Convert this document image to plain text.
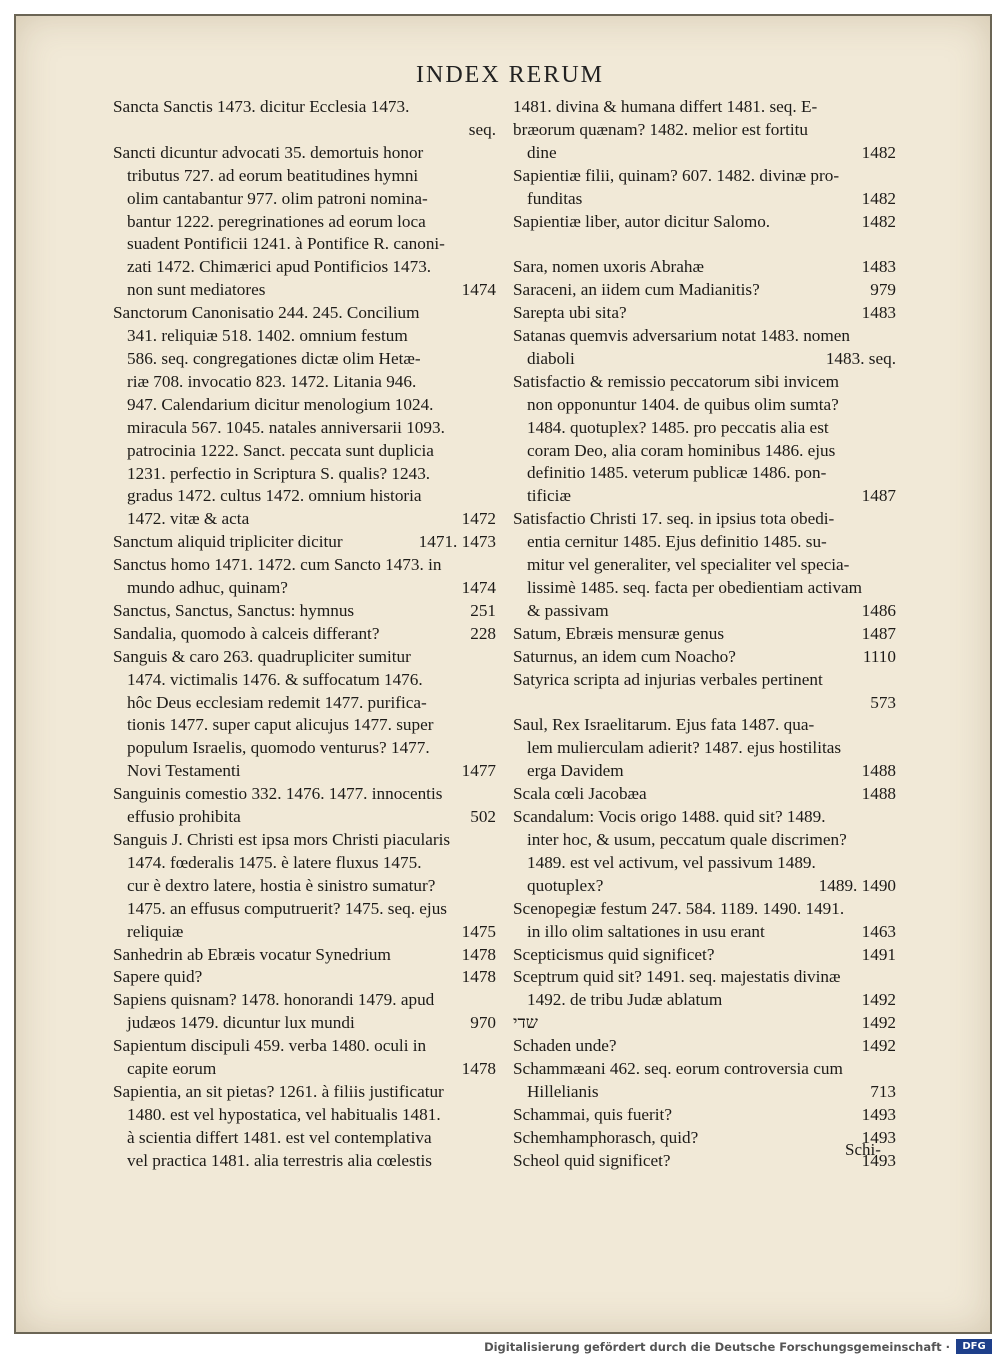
INDEX RERUM
Sancta Sanctis 1473. dicitur Ecclesia 1473.
seq.
Sancti dicuntur advocati 35. demortuis honor
tributus 727. ad eorum beatitudines hymni
olim cantabantur 977. olim patroni nomina-
bantur 1222. peregrinationes ad eorum loca
suadent Pontificii 1241. à Pontifice R. canoni-
zati 1472. Chimærici apud Pontificios 1473.
non sunt mediatores	1474
Sanctorum Canonisatio 244. 245. Concilium
341. reliquiæ 518. 1402. omnium festum
586. seq. congregationes dictæ olim Hetæ-
riæ 708. invocatio 823. 1472. Litania 946.
947. Calendarium dicitur menologium 1024.
miracula 567. 1045. natales anniversarii 1093.
patrocinia 1222. Sanct. peccata sunt duplicia
1231. perfectio in Scriptura S. qualis? 1243.
gradus 1472. cultus 1472. omnium historia
1472. vitæ & acta	1472
Sanctum aliquid tripliciter dicitur	1471. 1473
Sanctus homo 1471. 1472. cum Sancto 1473. in
mundo adhuc, quinam?	1474
Sanctus, Sanctus, Sanctus: hymnus	251
Sandalia, quomodo à calceis differant?	228
Sanguis & caro 263. quadrupliciter sumitur
1474. victimalis 1476. & suffocatum 1476.
hôc Deus ecclesiam redemit 1477. purifica-
tionis 1477. super caput alicujus 1477. super
populum Israelis, quomodo venturus? 1477.
Novi Testamenti	1477
Sanguinis comestio 332. 1476. 1477. innocentis
effusio prohibita	502
Sanguis J. Christi est ipsa mors Christi piacularis
1474. fœderalis 1475. è latere fluxus 1475.
cur è dextro latere, hostia è sinistro sumatur?
1475. an effusus computruerit? 1475. seq. ejus
reliquiæ	1475
Sanhedrin ab Ebræis vocatur Synedrium	1478
Sapere quid?	1478
Sapiens quisnam? 1478. honorandi 1479. apud
judæos 1479. dicuntur lux mundi	970
Sapientum discipuli 459. verba 1480. oculi in
capite eorum	1478
Sapientia, an sit pietas? 1261. à filiis justificatur
1480. est vel hypostatica, vel habitualis 1481.
à scientia differt 1481. est vel contemplativa
vel practica 1481. alia terrestris alia cœlestis
1481. divina & humana differt 1481. seq. E-
bræorum quænam? 1482. melior est fortitu
dine	1482
Sapientiæ filii, quinam? 607. 1482. divinæ pro-
funditas	1482
Sapientiæ liber, autor dicitur Salomo.	1482
Sara, nomen uxoris Abrahæ	1483
Saraceni, an iidem cum Madianitis?	979
Sarepta ubi sita?	1483
Satanas quemvis adversarium notat 1483. nomen
diaboli	1483. seq.
Satisfactio & remissio peccatorum sibi invicem
non opponuntur 1404. de quibus olim sumta?
1484. quotuplex? 1485. pro peccatis alia est
coram Deo, alia coram hominibus 1486. ejus
definitio 1485. veterum publicæ 1486. pon-
tificiæ	1487
Satisfactio Christi 17. seq. in ipsius tota obedi-
entia cernitur 1485. Ejus definitio 1485. su-
mitur vel generaliter, vel specialiter vel specia-
lissimè 1485. seq. facta per obedientiam activam
& passivam	1486
Satum, Ebræis mensuræ genus	1487
Saturnus, an idem cum Noacho?	1110
Satyrica scripta ad injurias verbales pertinent
573
Saul, Rex Israelitarum. Ejus fata 1487. qua-
lem mulierculam adierit? 1487. ejus hostilitas
erga Davidem	1488
Scala cœli Jacobæa	1488
Scandalum: Vocis origo 1488. quid sit? 1489.
inter hoc, & usum, peccatum quale discrimen?
1489. est vel activum, vel passivum 1489.
quotuplex?	1489. 1490
Scenopegiæ festum 247. 584. 1189. 1490. 1491.
in illo olim saltationes in usu erant	1463
Scepticismus quid significet?	1491
Sceptrum quid sit? 1491. seq. majestatis divinæ
1492. de tribu Judæ ablatum	1492
שדי	1492
Schaden unde?	1492
Schammæani 462. seq. eorum controversia cum
Hillelianis	713
Schammai, quis fuerit?	1493
Schemhamphorasch, quid?	1493
Scheol quid significet?	1493
Schi-
Digitalisierung gefördert durch die Deutsche Forschungsgemeinschaft ·	DFG
